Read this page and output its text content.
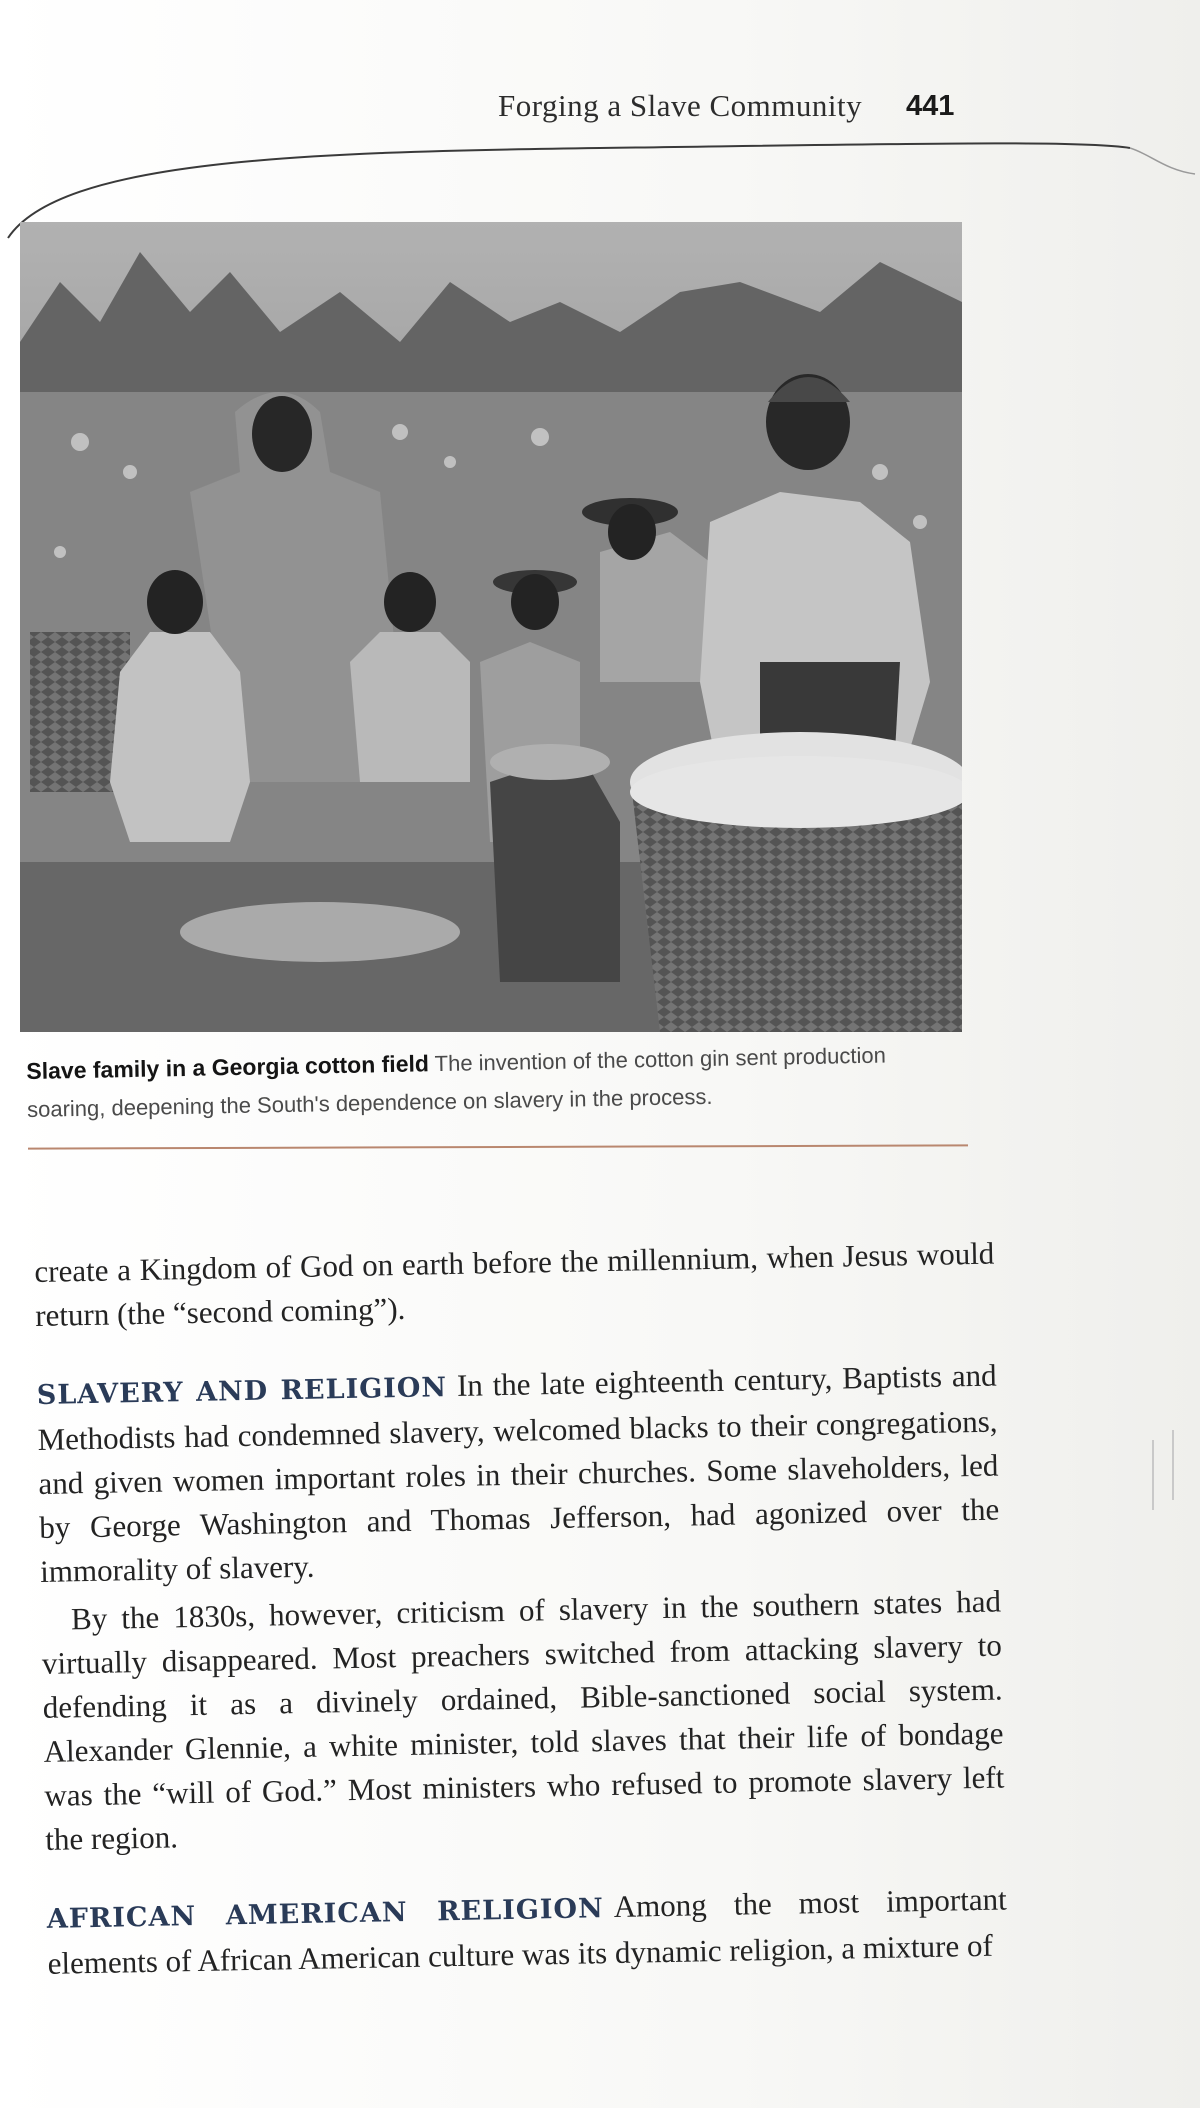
Forging a Slave Community 441
Slave family in a Georgia cotton field The invention of the cotton gin sent production soaring, deepening the South's dependence on slavery in the process.

create a Kingdom of God on earth before the millennium, when Jesus would return (the “second coming”).

SLAVERY AND RELIGION In the late eighteenth century, Baptists and Methodists had condemned slavery, welcomed blacks to their congregations, and given women important roles in their churches. Some slaveholders, led by George Washington and Thomas Jefferson, had agonized over the immorality of slavery.

By the 1830s, however, criticism of slavery in the southern states had virtually disappeared. Most preachers switched from attacking slavery to defending it as a divinely ordained, Bible-sanctioned social system. Alexander Glennie, a white minister, told slaves that their life of bondage was the “will of God.” Most ministers who refused to promote slavery left the region.

AFRICAN AMERICAN RELIGION Among the most important elements of African American culture was its dynamic religion, a mixture of
